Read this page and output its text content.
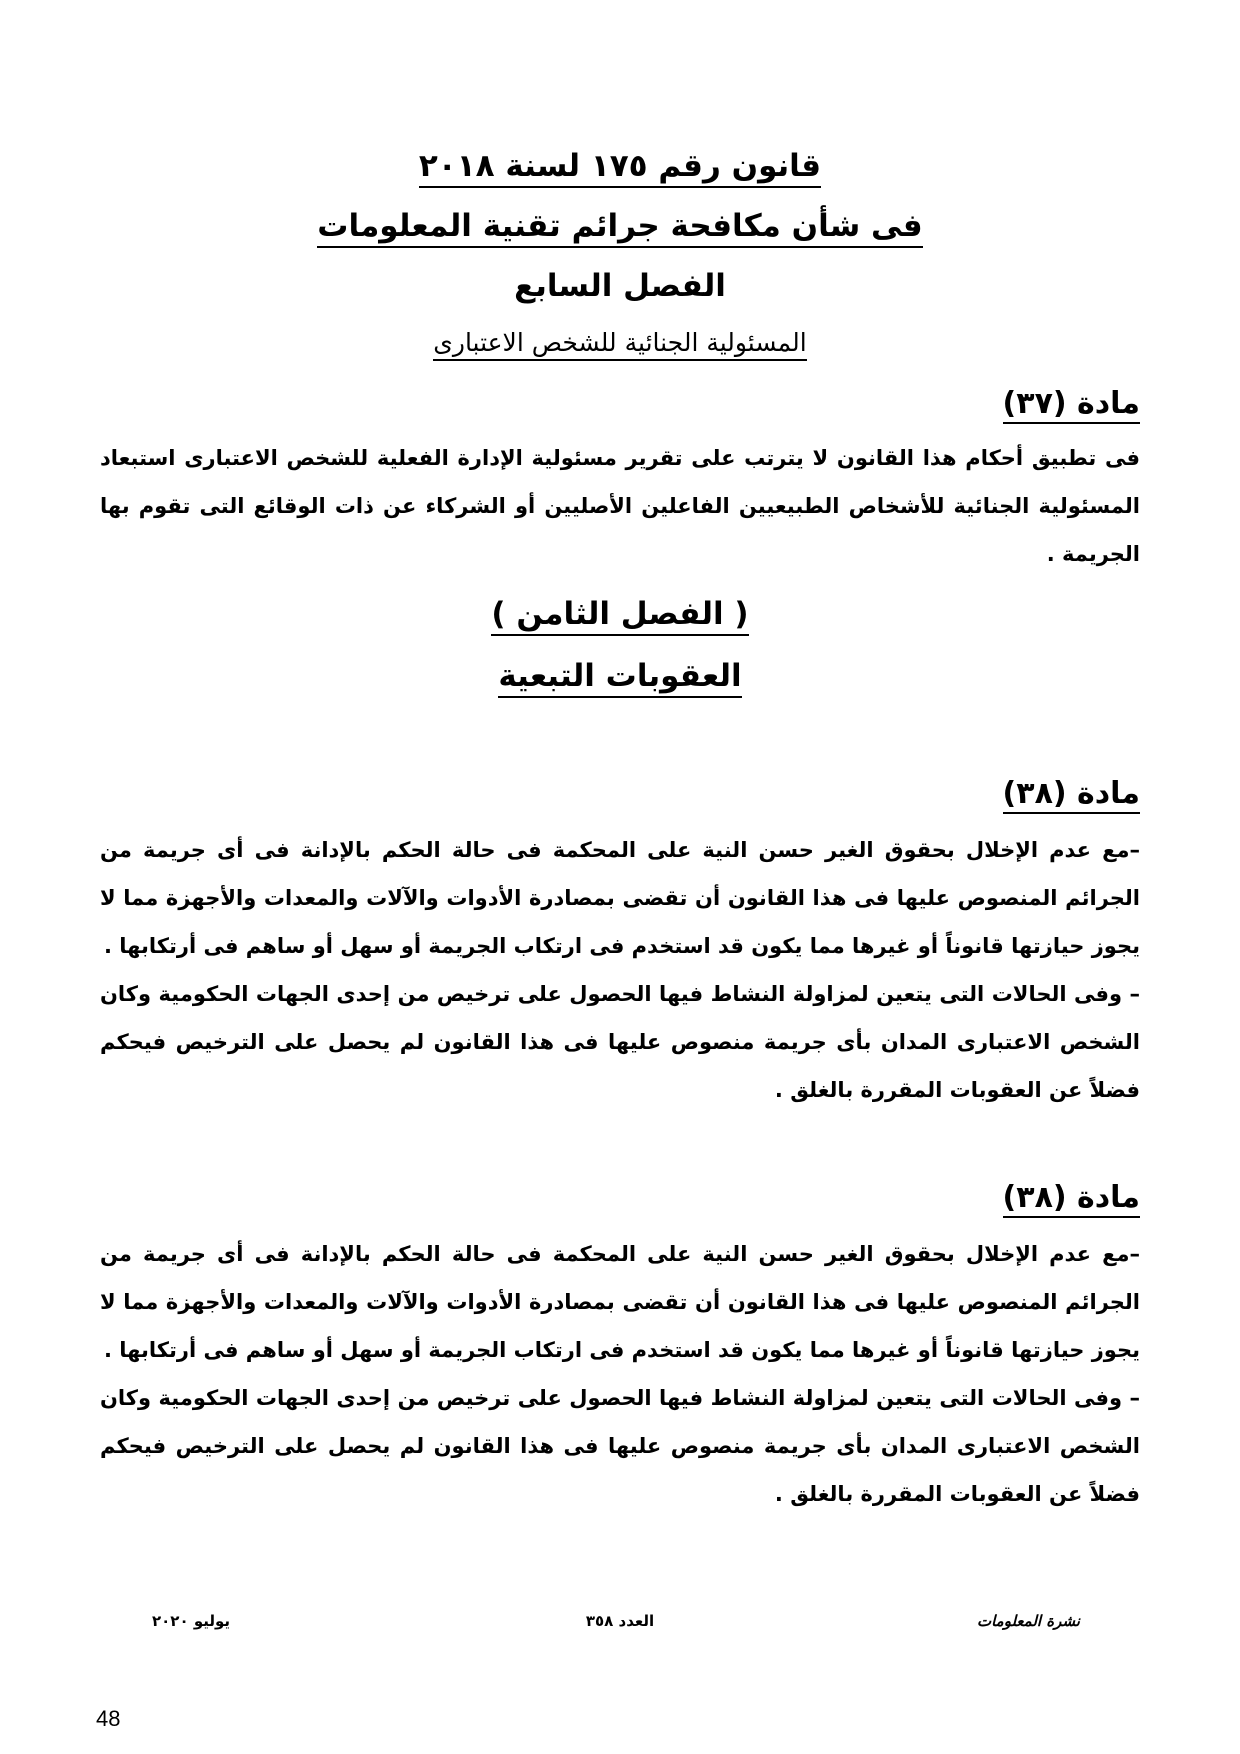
قانون رقم ١٧٥ لسنة ٢٠١٨
فى شأن مكافحة جرائم تقنية المعلومات
الفصل السابع
المسئولية الجنائية للشخص الاعتبارى
مادة (٣٧)

فى تطبيق أحكام هذا القانون لا يترتب على تقرير مسئولية الإدارة الفعلية للشخص الاعتبارى استبعاد المسئولية الجنائية للأشخاص الطبيعيين الفاعلين الأصليين أو الشركاء عن ذات الوقائع التى تقوم بها الجريمة .

( الفصل الثامن )
العقوبات التبعية
مادة (٣٨)

–مع عدم الإخلال بحقوق الغير حسن النية على المحكمة فى حالة الحكم بالإدانة فى أى جريمة من الجرائم المنصوص عليها فى هذا القانون أن تقضى بمصادرة الأدوات والآلات والمعدات والأجهزة مما لا يجوز حيازتها قانوناً أو غيرها مما يكون قد استخدم فى ارتكاب الجريمة أو سهل أو ساهم فى أرتكابها .

– وفى الحالات التى يتعين لمزاولة النشاط فيها الحصول على ترخيص من إحدى الجهات الحكومية وكان الشخص الاعتبارى المدان بأى جريمة منصوص عليها فى هذا القانون لم يحصل على الترخيص فيحكم فضلاً عن العقوبات المقررة بالغلق .

مادة (٣٨)

–مع عدم الإخلال بحقوق الغير حسن النية على المحكمة فى حالة الحكم بالإدانة فى أى جريمة من الجرائم المنصوص عليها فى هذا القانون أن تقضى بمصادرة الأدوات والآلات والمعدات والأجهزة مما لا يجوز حيازتها قانوناً أو غيرها مما يكون قد استخدم فى ارتكاب الجريمة أو سهل أو ساهم فى أرتكابها .

– وفى الحالات التى يتعين لمزاولة النشاط فيها الحصول على ترخيص من إحدى الجهات الحكومية وكان الشخص الاعتبارى المدان بأى جريمة منصوص عليها فى هذا القانون لم يحصل على الترخيص فيحكم فضلاً عن العقوبات المقررة بالغلق .

نشرة المعلومات
العدد ٣٥٨
يوليو ٢٠٢٠
48
